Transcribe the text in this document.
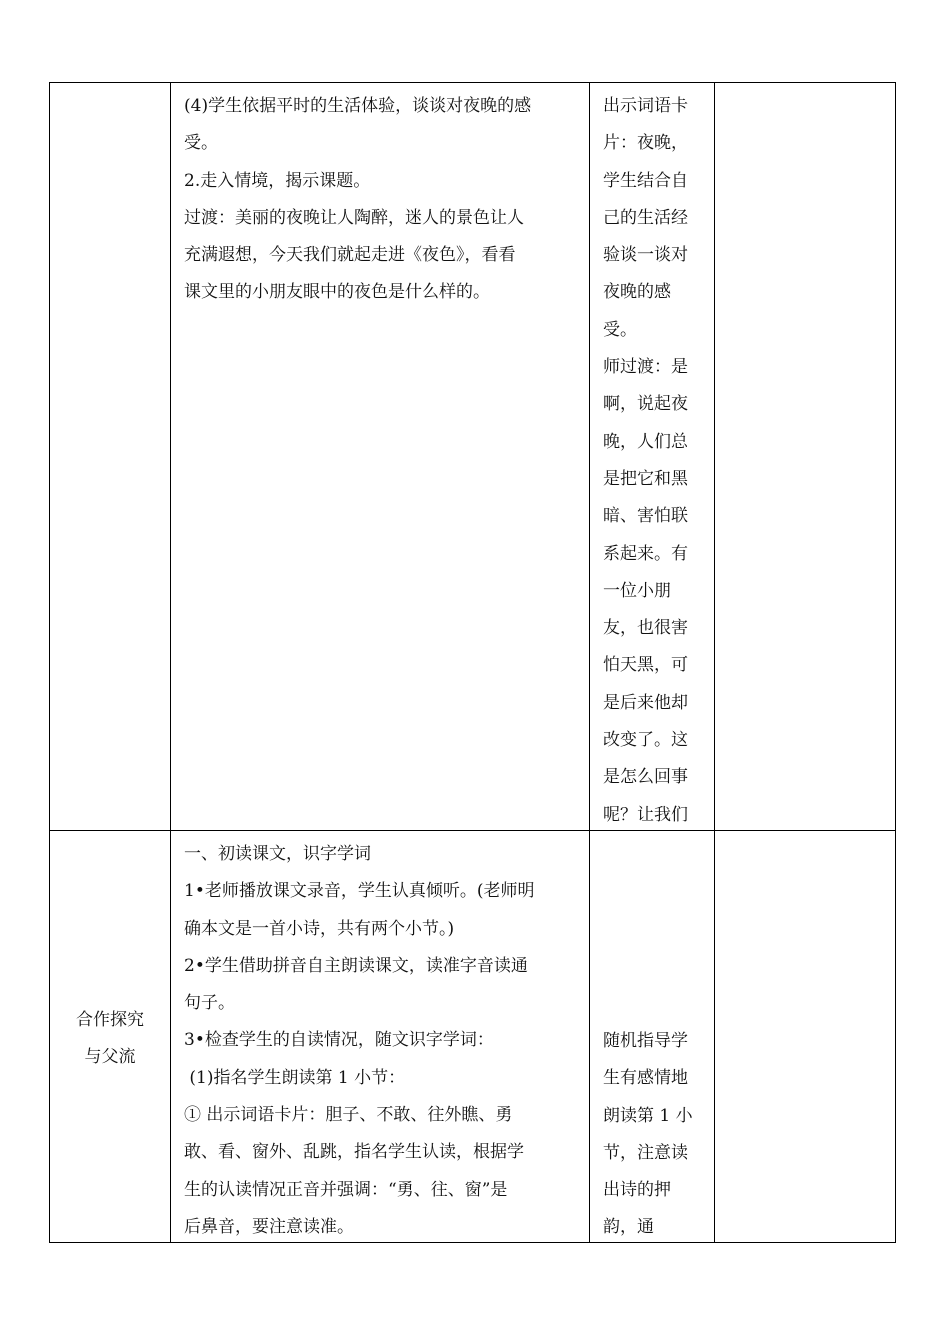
(4)学生依据平时的生活体验，谈谈对夜晚的感

受。

2.走入情境，揭示课题。

过渡：美丽的夜晚让人陶醉，迷人的景色让人

充满遐想，今天我们就起走进《夜色》，看看

课文里的小朋友眼中的夜色是什么样的。

出示词语卡

片：夜晚，

学生结合自

己的生活经

验谈一谈对

夜晚的感

受。

师过渡：是

啊，说起夜

晚，人们总

是把它和黑

暗、害怕联

系起来。有

一位小朋

友，也很害

怕天黑，可

是后来他却

改变了。这

是怎么回事

呢？让我们

合作探究
与父流

一、初读课文，识字学词

1•老师播放课文录音，学生认真倾听。(老师明

确本文是一首小诗，共有两个小节。)

2•学生借助拼音自主朗读课文，读准字音读通

句子。

3•检查学生的自读情况，随文识字学词：

(1)指名学生朗读第 1 小节：

① 出示词语卡片：胆子、不敢、往外瞧、勇

敢、看、窗外、乱跳，指名学生认读，根据学

生的认读情况正音并强调：“勇、往、窗”是

后鼻音，要注意读准。

随机指导学

生有感情地

朗读第 1 小

节，注意读

出诗的押

韵，通
